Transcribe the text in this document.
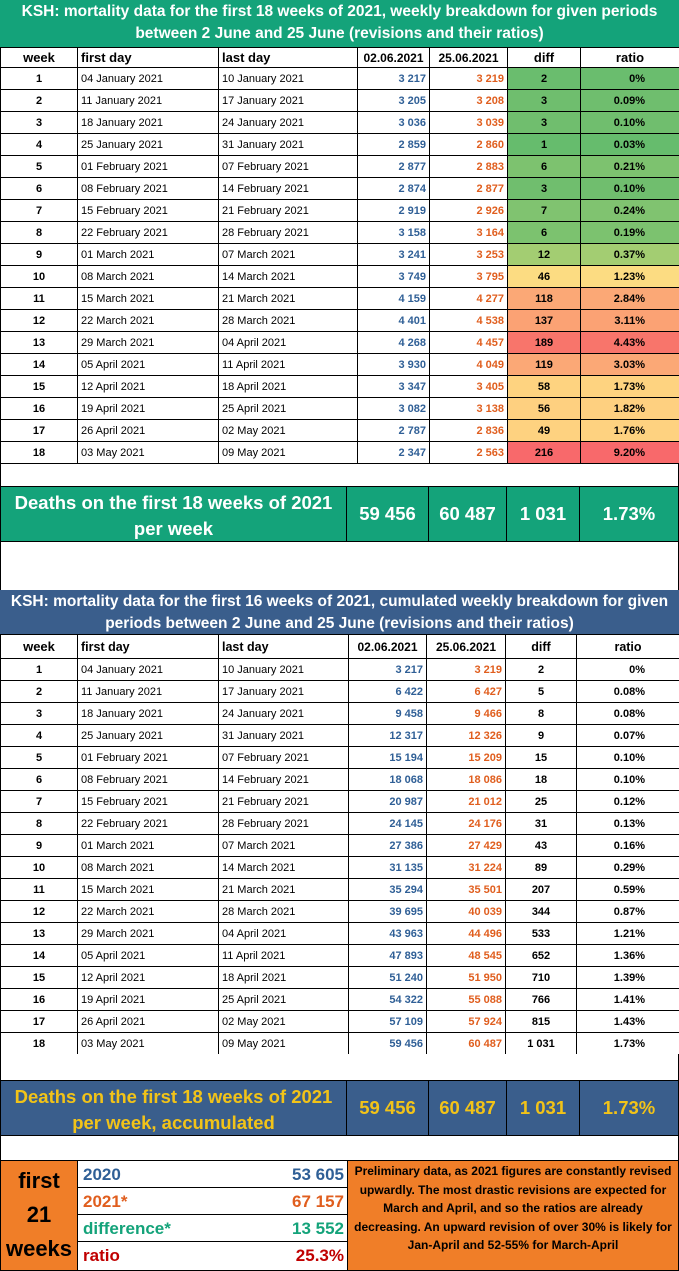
KSH: mortality data for the first 18 weeks of 2021, weekly breakdown for given periods between 2 June and 25 June (revisions and their ratios)
week	first day	last day	02.06.2021	25.06.2021	diff	ratio
1	04 January 2021	10 January 2021	3 217	3 219	2	0%
2	11 January 2021	17 January 2021	3 205	3 208	3	0.09%
3	18 January 2021	24 January 2021	3 036	3 039	3	0.10%
4	25 January 2021	31 January 2021	2 859	2 860	1	0.03%
5	01 February 2021	07 February 2021	2 877	2 883	6	0.21%
6	08 February 2021	14 February 2021	2 874	2 877	3	0.10%
7	15 February 2021	21 February 2021	2 919	2 926	7	0.24%
8	22 February 2021	28 February 2021	3 158	3 164	6	0.19%
9	01 March 2021	07 March 2021	3 241	3 253	12	0.37%
10	08 March 2021	14 March 2021	3 749	3 795	46	1.23%
11	15 March 2021	21 March 2021	4 159	4 277	118	2.84%
12	22 March 2021	28 March 2021	4 401	4 538	137	3.11%
13	29 March 2021	04 April 2021	4 268	4 457	189	4.43%
14	05 April 2021	11 April 2021	3 930	4 049	119	3.03%
15	12 April 2021	18 April 2021	3 347	3 405	58	1.73%
16	19 April 2021	25 April 2021	3 082	3 138	56	1.82%
17	26 April 2021	02 May 2021	2 787	2 836	49	1.76%
18	03 May 2021	09 May 2021	2 347	2 563	216	9.20%
Deaths on the first 18 weeks of 2021 per week
59 456	60 487	1 031	1.73%
KSH: mortality data for the first 16 weeks of 2021, cumulated weekly breakdown for given periods between 2 June and 25 June (revisions and their ratios)
week	first day	last day	02.06.2021	25.06.2021	diff	ratio
1	04 January 2021	10 January 2021	3 217	3 219	2	0%
2	11 January 2021	17 January 2021	6 422	6 427	5	0.08%
3	18 January 2021	24 January 2021	9 458	9 466	8	0.08%
4	25 January 2021	31 January 2021	12 317	12 326	9	0.07%
5	01 February 2021	07 February 2021	15 194	15 209	15	0.10%
6	08 February 2021	14 February 2021	18 068	18 086	18	0.10%
7	15 February 2021	21 February 2021	20 987	21 012	25	0.12%
8	22 February 2021	28 February 2021	24 145	24 176	31	0.13%
9	01 March 2021	07 March 2021	27 386	27 429	43	0.16%
10	08 March 2021	14 March 2021	31 135	31 224	89	0.29%
11	15 March 2021	21 March 2021	35 294	35 501	207	0.59%
12	22 March 2021	28 March 2021	39 695	40 039	344	0.87%
13	29 March 2021	04 April 2021	43 963	44 496	533	1.21%
14	05 April 2021	11 April 2021	47 893	48 545	652	1.36%
15	12 April 2021	18 April 2021	51 240	51 950	710	1.39%
16	19 April 2021	25 April 2021	54 322	55 088	766	1.41%
17	26 April 2021	02 May 2021	57 109	57 924	815	1.43%
18	03 May 2021	09 May 2021	59 456	60 487	1 031	1.73%
Deaths on the first 18 weeks of 2021 per week, accumulated
59 456	60 487	1 031	1.73%
first
21
weeks
2020	53 605
2021*	67 157
difference*	13 552
ratio	25.3%
Preliminary data, as 2021 figures are constantly revised upwardly. The most drastic revisions are expected for March and April, and so the ratios are already decreasing. An upward revision of over 30% is likely for Jan-April and 52-55% for March-April
